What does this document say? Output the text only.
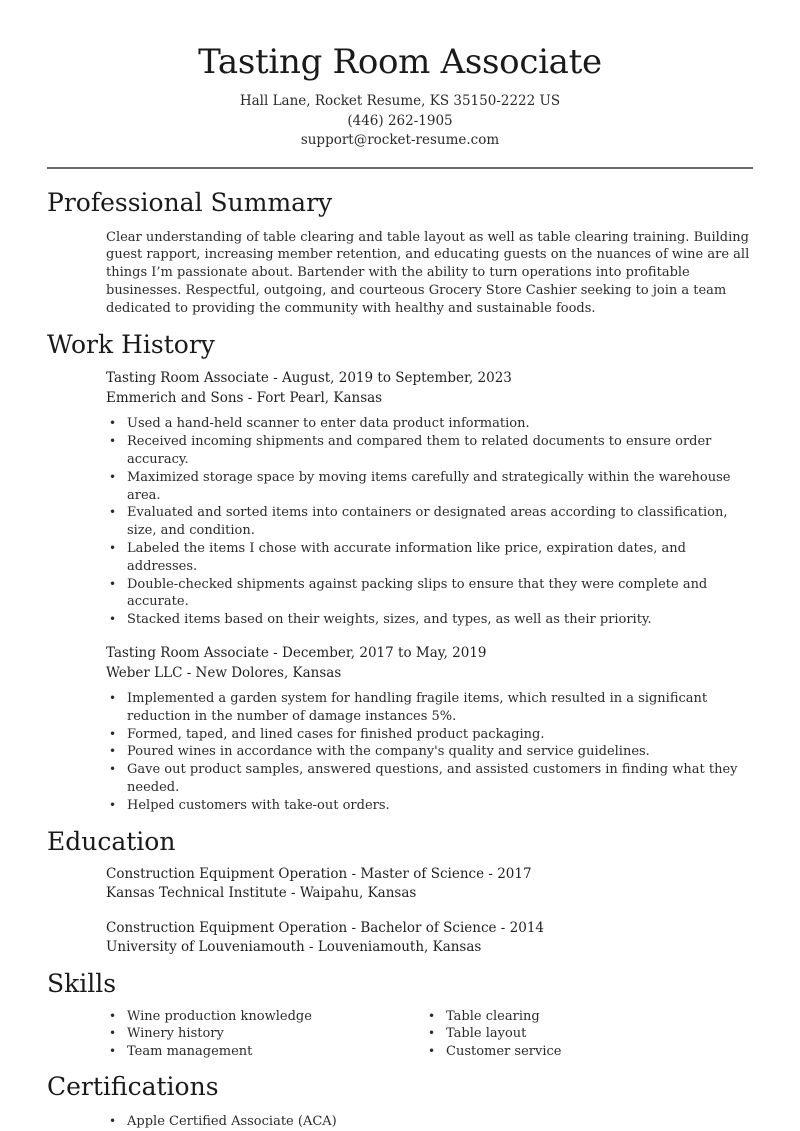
Tasting Room Associate
Hall Lane, Rocket Resume, KS 35150-2222 US
(446) 262-1905
support@rocket-resume.com
Professional Summary

Clear understanding of table clearing and table layout as well as table clearing training. Building guest rapport, increasing member retention, and educating guests on the nuances of wine are all things I’m passionate about. Bartender with the ability to turn operations into profitable businesses. Respectful, outgoing, and courteous Grocery Store Cashier seeking to join a team dedicated to providing the community with healthy and sustainable foods.

Work History
Tasting Room Associate - August, 2019 to September, 2023
Emmerich and Sons - Fort Pearl, Kansas
• Used a hand-held scanner to enter data product information.
• Received incoming shipments and compared them to related documents to ensure order accuracy.
• Maximized storage space by moving items carefully and strategically within the warehouse area.
• Evaluated and sorted items into containers or designated areas according to classification, size, and condition.
• Labeled the items I chose with accurate information like price, expiration dates, and addresses.
• Double-checked shipments against packing slips to ensure that they were complete and accurate.
• Stacked items based on their weights, sizes, and types, as well as their priority.
Tasting Room Associate - December, 2017 to May, 2019
Weber LLC - New Dolores, Kansas
• Implemented a garden system for handling fragile items, which resulted in a significant reduction in the number of damage instances 5%.
• Formed, taped, and lined cases for finished product packaging.
• Poured wines in accordance with the company's quality and service guidelines.
• Gave out product samples, answered questions, and assisted customers in finding what they needed.
• Helped customers with take-out orders.
Education
Construction Equipment Operation - Master of Science - 2017
Kansas Technical Institute - Waipahu, Kansas
Construction Equipment Operation - Bachelor of Science - 2014
University of Louveniamouth - Louveniamouth, Kansas
Skills
• Wine production knowledge
• Winery history
• Team management
• Table clearing
• Table layout
• Customer service
Certifications
• Apple Certified Associate (ACA)
